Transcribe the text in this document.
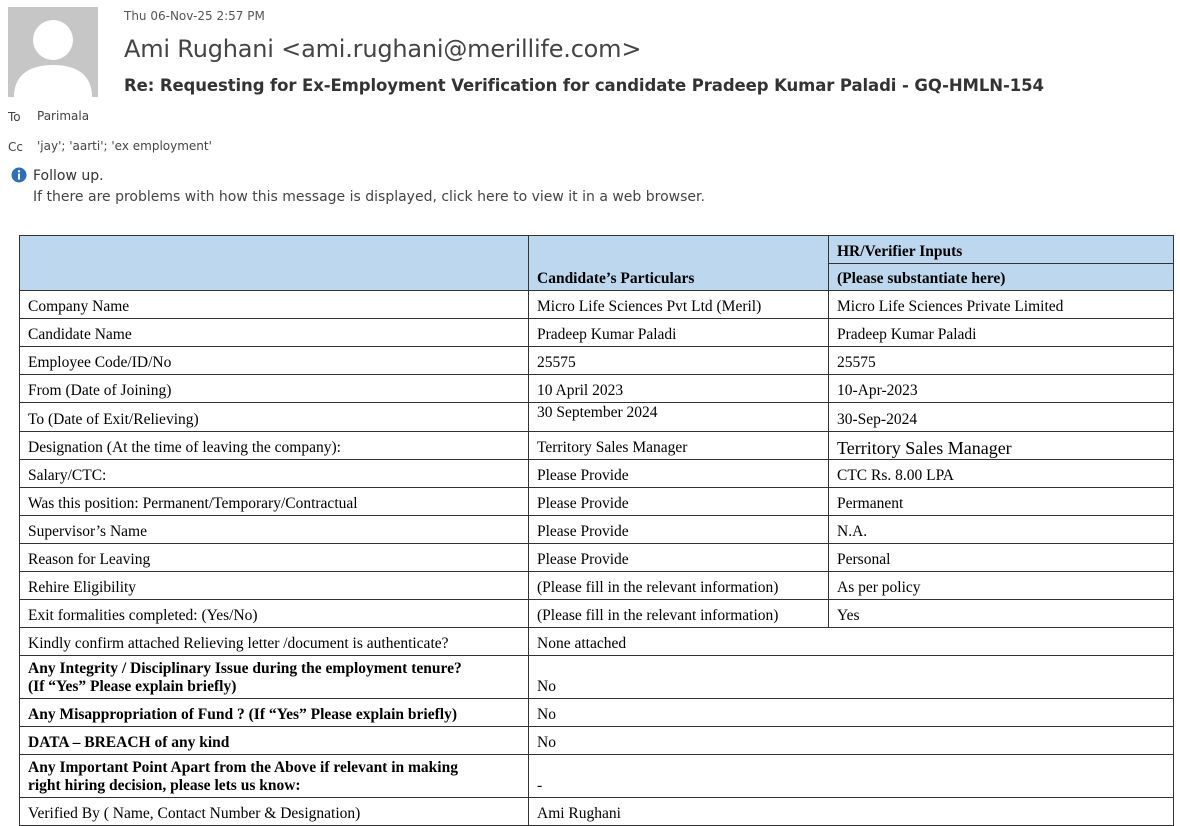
Thu 06-Nov-25 2:57 PM
Ami Rughani <ami.rughani@merillife.com>
Re: Requesting for Ex-Employment Verification for candidate Pradeep Kumar Paladi - GQ-HMLN-154
To Parimala
Cc 'jay'; 'aarti'; 'ex employment'
Follow up.
If there are problems with how this message is displayed, click here to view it in a web browser.
	Candidate’s Particulars	HR/Verifier Inputs
		(Please substantiate here)
Company Name	Micro Life Sciences Pvt Ltd (Meril)	Micro Life Sciences Private Limited
Candidate Name	Pradeep Kumar Paladi	Pradeep Kumar Paladi
Employee Code/ID/No	25575	25575
From (Date of Joining)	10 April 2023	10-Apr-2023
To (Date of Exit/Relieving)	30 September 2024	30-Sep-2024
Designation (At the time of leaving the company):	Territory Sales Manager	Territory Sales Manager
Salary/CTC:	Please Provide	CTC Rs. 8.00 LPA
Was this position: Permanent/Temporary/Contractual	Please Provide	Permanent
Supervisor’s Name	Please Provide	N.A.
Reason for Leaving	Please Provide	Personal
Rehire Eligibility	(Please fill in the relevant information)	As per policy
Exit formalities completed: (Yes/No)	(Please fill in the relevant information)	Yes
Kindly confirm attached Relieving letter /document is authenticate?	None attached	
Any Integrity / Disciplinary Issue during the employment tenure?
(If “Yes” Please explain briefly)	No	
Any Misappropriation of Fund ? (If “Yes” Please explain briefly)	No	
DATA – BREACH of any kind	No	
Any Important Point Apart from the Above if relevant in making
right hiring decision, please lets us know:	-	
Verified By ( Name, Contact Number & Designation)	Ami Rughani	
